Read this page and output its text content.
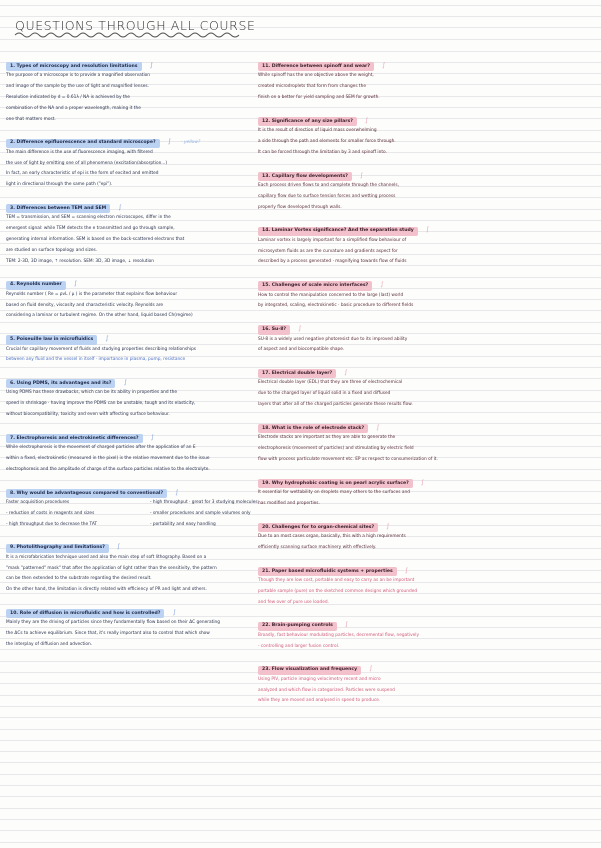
QUESTIONS THROUGH ALL COURSE
1. Types of microscopy and resolution limitations ∫
The purpose of a microscope is to provide a magnified observation
and image of the sample by the use of light and magnified lenses.
Resolution indicated by d = 0.61λ / NA is achieved by the
combination of the NA and a proper wavelength, making it the
one that matters most.
2. Difference epifluorescence and standard microscope? ∫ - yellow?
The main difference is the use of fluorescence imaging, with filtered
the use of light by emitting one of all phenomena (excitation/absorption...)
In fact, an early characteristic of epi is the form of excited and emitted
light in directional through the same path ("epi").
3. Differences between TEM and SEM ∫
TEM = transmission, and SEM = scanning electron microscopes, differ in the
emergent signal: while TEM detects the e transmitted and go through sample,
generating internal information. SEM is based on the back-scattered electrons that
are studied on surface topology and sizes.
TEM: 2-3D, 3D image, ⇡ resolution. SEM: 3D, 3D image, ⇣ resolution
4. Reynolds number ∫
Reynolds number ( Re = ρvL / μ ) is the parameter that explains flow behaviour
based on fluid density, viscosity and characteristic velocity. Reynolds are
considering a laminar or turbulent regime. On the other hand, liquid based Ch(regime)
5. Poiseuille law in microfluidics ∫
Crucial for capillary movement of fluids and studying properties describing relationships
between any fluid and the vessel in itself · importance in plasma, pump, resistance
6. Using PDMS, its advantages and its? ∫
Using PDMS has these drawbacks, which can be its ability in properties and the
speed in shrinkage · having improve the PDMS can be unstable, tough and its elasticity,
without biocompatibility, toxicity and even with affecting surface behaviour.
7. Electrophoresis and electrokinetic differences? ∫
While electrophoresis is the movement of charged particles after the application of an E
within a fixed, electrokinetic (measured in the pixel) is the relative movement due to the issue
electrophoresis and the amplitude of charge of the surface particles relative to the electrolyte.
8. Why would be advantageous compared to conventional? ∫
Faster acquisition procedures
- reduction of costs in reagents and sizes
- high throughput due to decrease the TAT
- high throughput · great for 3 studying molecules
- smaller procedures and sample volumes only
- portability and easy handling
9. Photolithography and limitations? ∫
It is a microfabrication technique used and also the main step of soft lithography. Based on a
"mask "patterned" mask" that after the application of light rather than the sensitivity, the pattern
can be then extended to the substrate regarding the desired result.
On the other hand, the limitation is directly related with efficiency of PR and light and others.
10. Role of diffusion in microfluidic and how is controlled? ∫
Mainly they are the driving of particles since they fundamentally flow based on their ΔC generating
the ΔCs to achieve equilibrium. Since that, it's really important also to control that which show
the interplay of diffusion and advection.
11. Difference between spinoff and wear? ∫
While spinoff has the one objective above the weight,
created microdroplets that form from changes the
finish on a better for yield sampling and SEM for growth.
12. Significance of any size pillars? ∫
It is the result of direction of liquid mass overwhelming
a side through the path and elements for smaller force through.
It can be forced through the limitation by 3 and spinoff into.
13. Capillary flow developments? ∫
Each process driven flows to and complete through the channels,
capillary flow due to surface tension forces and wetting process
properly flow developed through walls.
14. Laminar Vortex significance? And the separation study ∫
Laminar vortex is largely important for a simplified flow behaviour of
microsystem fluids as are the curvature and gradients aspect for
described by a process generated · magnifying towards flow of fluids
15. Challenges of scale micro interfaces? ∫
How to control the manipulation concerned to the large (last) world
by integrated, scaling, electrokinetic · basic procedure to different fields
16. Su-8? ∫
SU-8 is a widely used negative photoresist due to its improved ability
of aspect and and biocompatible shape.
17. Electrical double layer? ∫
Electrical double layer (EDL) that they are three of electrochemical
due to the charged layer of liquid solid in a fixed and diffused
layers that after all of the charged particles generate these results flow.
18. What is the role of electrode stack? ∫
Electrode stacks are important as they are able to generate the
electrophoresis (movement of particles) and stimulating by electric field
flow with process particulate movement etc. EP as respect to consumerization of it.
19. Why hydrophobic coating is on pearl acrylic surface? ∫
It essential for wettability on droplets many others to the surfaces and
has modified and properties.
20. Challenges for to organ-chemical sites? ∫
Due to an most cases organ, basically, this with a high requirements
efficiently scanning surface machinery with effectively.
21. Paper based microfluidic systems + properties ∫
Though they are low cost, portable and easy to carry as an be important
portable sample (pure) on the sketched common designs which grounded
and few over of pure use loaded.
22. Brain-pumping controls ∫
Broadly, fast behaviour modulating particles, decremental flow, negatively
- controlling and larger fusion control.
23. Flow visualization and frequency ∫
Using PIV, particle imaging velocimetry recent and micro
analyzed and which flow in categorized. Particles were suspend
while they are moved and analysed in speed to produce.
